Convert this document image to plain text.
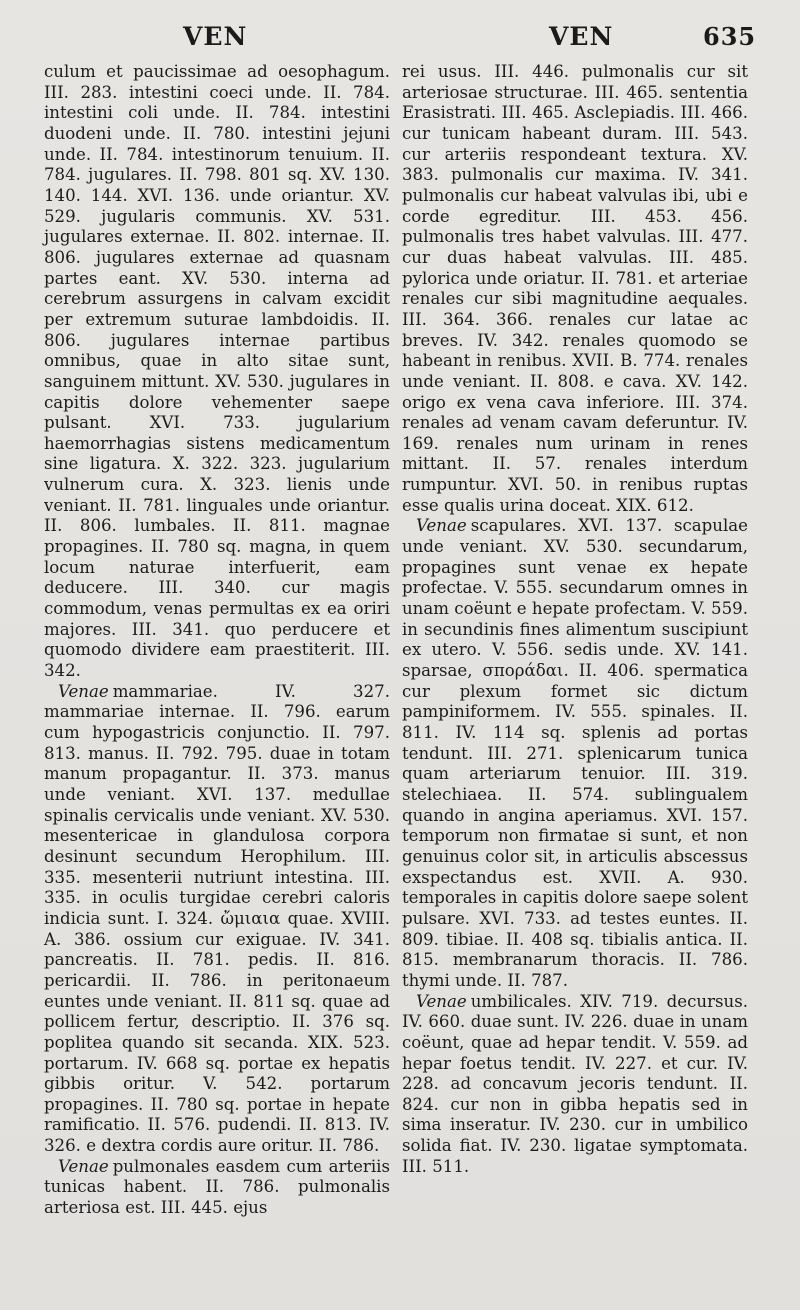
VEN	VEN	635

culum et paucissimae ad oesophagum. III. 283. intestini coeci unde. II. 784. intestini coli unde. II. 784. intestini duodeni unde. II. 780. intestini jejuni unde. II. 784. intestinorum tenuium. II. 784. jugulares. II. 798. 801 sq. XV. 130. 140. 144. XVI. 136. unde oriantur. XV. 529. jugularis communis. XV. 531. jugulares externae. II. 802. internae. II. 806. jugulares externae ad quasnam partes eant. XV. 530. interna ad cerebrum assurgens in calvam excidit per extremum suturae lambdoidis. II. 806. jugulares internae partibus omnibus, quae in alto sitae sunt, sanguinem mittunt. XV. 530. jugulares in capitis dolore vehementer saepe pulsant. XVI. 733. jugularium haemorrhagias sistens medicamentum sine ligatura. X. 322. 323. jugularium vulnerum cura. X. 323. lienis unde veniant. II. 781. linguales unde oriantur. II. 806. lumbales. II. 811. magnae propagines. II. 780 sq. magna, in quem locum naturae interfuerit, eam deducere. III. 340. cur magis commodum, venas permultas ex ea oriri majores. III. 341. quo perducere et quomodo dividere eam praestiterit. III. 342.

Venae mammariae. IV. 327. mammariae internae. II. 796. earum cum hypogastricis conjunctio. II. 797. 813. manus. II. 792. 795. duae in totam manum propagantur. II. 373. manus unde veniant. XVI. 137. medullae spinalis cervicalis unde veniant. XV. 530. mesentericae in glandulosa corpora desinunt secundum Herophilum. III. 335. mesenterii nutriunt intestina. III. 335. in oculis turgidae cerebri caloris indicia sunt. I. 324. ὤμιαια quae. XVIII. A. 386. ossium cur exiguae. IV. 341. pancreatis. II. 781. pedis. II. 816. pericardii. II. 786. in peritonaeum euntes unde veniant. II. 811 sq. quae ad pollicem fertur, descriptio. II. 376 sq. poplitea quando sit secanda. XIX. 523. portarum. IV. 668 sq. portae ex hepatis gibbis oritur. V. 542. portarum propagines. II. 780 sq. portae in hepate ramificatio. II. 576. pudendi. II. 813. IV. 326. e dextra cordis aure oritur. II. 786.

Venae pulmonales easdem cum arteriis tunicas habent. II. 786. pulmonalis arteriosa est. III. 445. ejus

rei usus. III. 446. pulmonalis cur sit arteriosae structurae. III. 465. sententia Erasistrati. III. 465. Asclepiadis. III. 466. cur tunicam habeant duram. III. 543. cur arteriis respondeant textura. XV. 383. pulmonalis cur maxima. IV. 341. pulmonalis cur habeat valvulas ibi, ubi e corde egreditur. III. 453. 456. pulmonalis tres habet valvulas. III. 477. cur duas habeat valvulas. III. 485. pylorica unde oriatur. II. 781. et arteriae renales cur sibi magnitudine aequales. III. 364. 366. renales cur latae ac breves. IV. 342. renales quomodo se habeant in renibus. XVII. B. 774. renales unde veniant. II. 808. e cava. XV. 142. origo ex vena cava inferiore. III. 374. renales ad venam cavam deferuntur. IV. 169. renales num urinam in renes mittant. II. 57. renales interdum rumpuntur. XVI. 50. in renibus ruptas esse qualis urina doceat. XIX. 612.

Venae scapulares. XVI. 137. scapulae unde veniant. XV. 530. secundarum, propagines sunt venae ex hepate profectae. V. 555. secundarum omnes in unam coëunt e hepate profectam. V. 559. in secundinis fines alimentum suscipiunt ex utero. V. 556. sedis unde. XV. 141. sparsae, σποράδαι. II. 406. spermatica cur plexum formet sic dictum pampiniformem. IV. 555. spinales. II. 811. IV. 114 sq. splenis ad portas tendunt. III. 271. splenicarum tunica quam arteriarum tenuior. III. 319. stelechiaea. II. 574. sublingualem quando in angina aperiamus. XVI. 157. temporum non firmatae si sunt, et non genuinus color sit, in articulis abscessus exspectandus est. XVII. A. 930. temporales in capitis dolore saepe solent pulsare. XVI. 733. ad testes euntes. II. 809. tibiae. II. 408 sq. tibialis antica. II. 815. membranarum thoracis. II. 786. thymi unde. II. 787.

Venae umbilicales. XIV. 719. decursus. IV. 660. duae sunt. IV. 226. duae in unam coëunt, quae ad hepar tendit. V. 559. ad hepar foetus tendit. IV. 227. et cur. IV. 228. ad concavum jecoris tendunt. II. 824. cur non in gibba hepatis sed in sima inseratur. IV. 230. cur in umbilico solida fiat. IV. 230. ligatae symptomata. III. 511.
